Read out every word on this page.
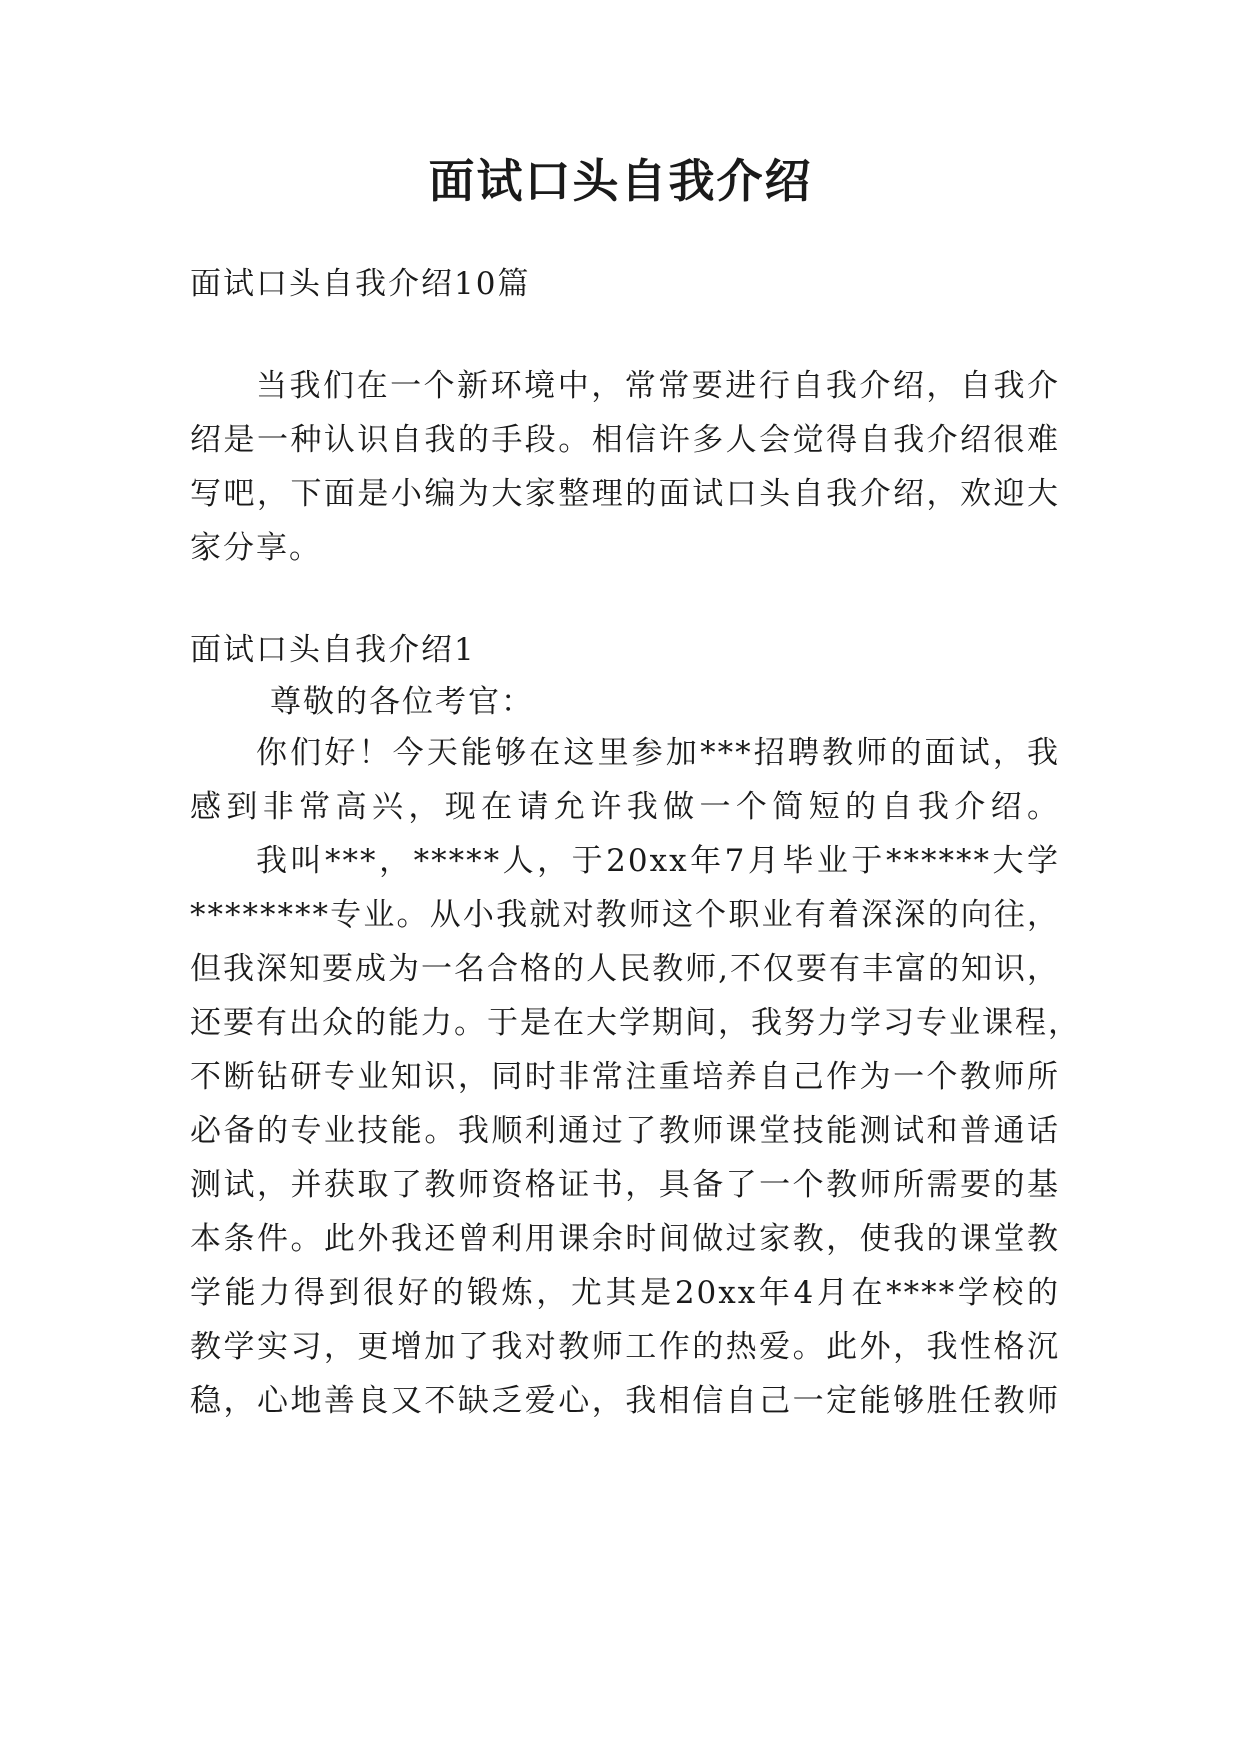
面试口头自我介绍
面试口头自我介绍10篇
当我们在一个新环境中，常常要进行自我介绍，自我介
绍是一种认识自我的手段。相信许多人会觉得自我介绍很难
写吧，下面是小编为大家整理的面试口头自我介绍，欢迎大
家分享。
面试口头自我介绍1
尊敬的各位考官：
你们好！今天能够在这里参加***招聘教师的面试，我
感到非常高兴，现在请允许我做一个简短的自我介绍。
我叫***，*****人，于20xx年7月毕业于******大学
********专业。从小我就对教师这个职业有着深深的向往，
但我深知要成为一名合格的人民教师,不仅要有丰富的知识，
还要有出众的能力。于是在大学期间，我努力学习专业课程，
不断钻研专业知识，同时非常注重培养自己作为一个教师所
必备的专业技能。我顺利通过了教师课堂技能测试和普通话
测试，并获取了教师资格证书，具备了一个教师所需要的基
本条件。此外我还曾利用课余时间做过家教，使我的课堂教
学能力得到很好的锻炼，尤其是20xx年4月在****学校的
教学实习，更增加了我对教师工作的热爱。此外，我性格沉
稳，心地善良又不缺乏爱心，我相信自己一定能够胜任教师
